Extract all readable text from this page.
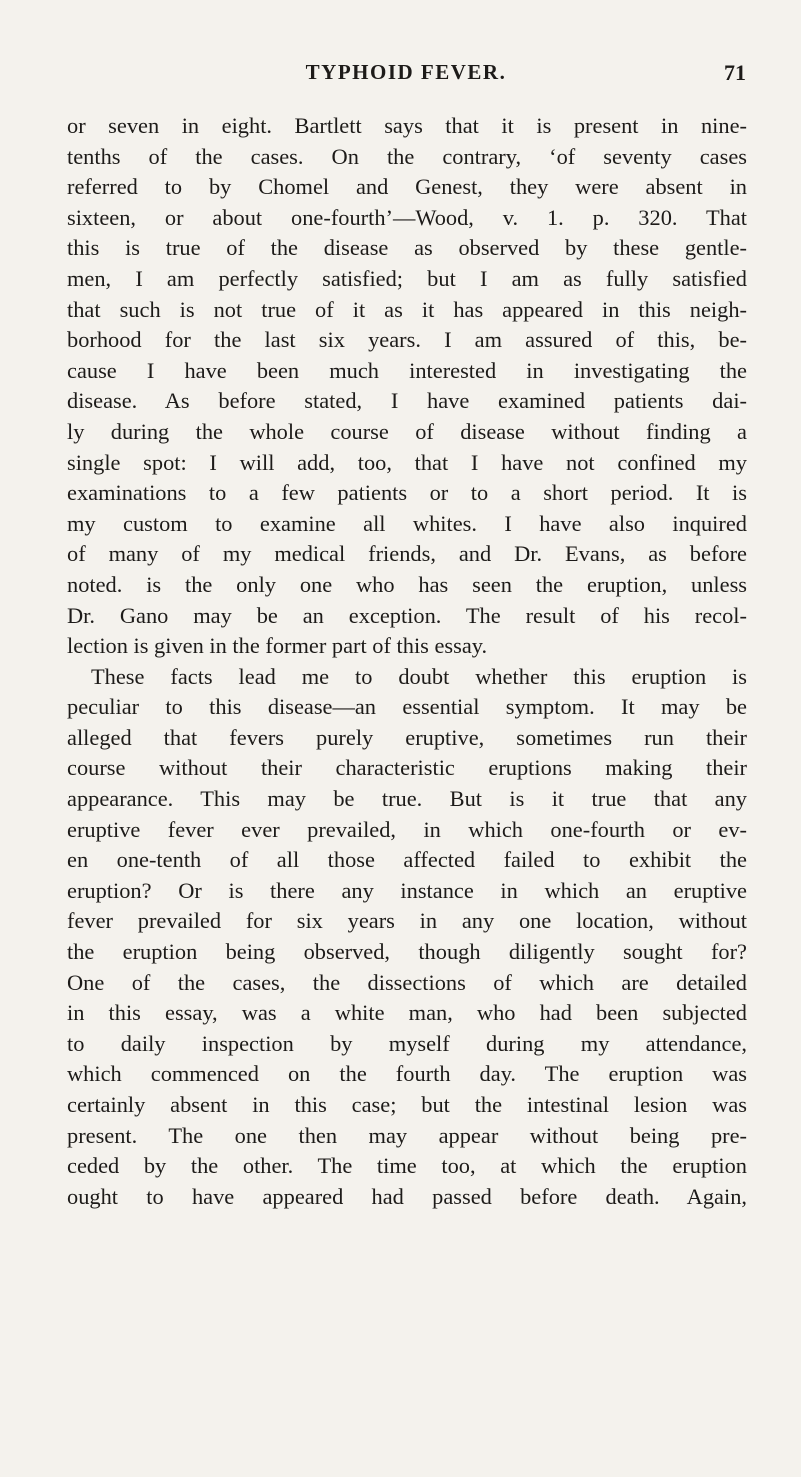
TYPHOID FEVER.	71
or seven in eight. Bartlett says that it is present in nine-
tenths of the cases. On the contrary, ‘of seventy cases
referred to by Chomel and Genest, they were absent in
sixteen, or about one-fourth’—Wood, v. 1. p. 320. That
this is true of the disease as observed by these gentle-
men, I am perfectly satisfied; but I am as fully satisfied
that such is not true of it as it has appeared in this neigh-
borhood for the last six years. I am assured of this, be-
cause I have been much interested in investigating the
disease. As before stated, I have examined patients dai-
ly during the whole course of disease without finding a
single spot: I will add, too, that I have not confined my
examinations to a few patients or to a short period. It is
my custom to examine all whites. I have also inquired
of many of my medical friends, and Dr. Evans, as before
noted. is the only one who has seen the eruption, unless
Dr. Gano may be an exception. The result of his recol-
lection is given in the former part of this essay.
These facts lead me to doubt whether this eruption is
peculiar to this disease—an essential symptom. It may be
alleged that fevers purely eruptive, sometimes run their
course without their characteristic eruptions making their
appearance. This may be true. But is it true that any
eruptive fever ever prevailed, in which one-fourth or ev-
en one-tenth of all those affected failed to exhibit the
eruption? Or is there any instance in which an eruptive
fever prevailed for six years in any one location, without
the eruption being observed, though diligently sought for?
One of the cases, the dissections of which are detailed
in this essay, was a white man, who had been subjected
to daily inspection by myself during my attendance,
which commenced on the fourth day. The eruption was
certainly absent in this case; but the intestinal lesion was
present. The one then may appear without being pre-
ceded by the other. The time too, at which the eruption
ought to have appeared had passed before death. Again,
